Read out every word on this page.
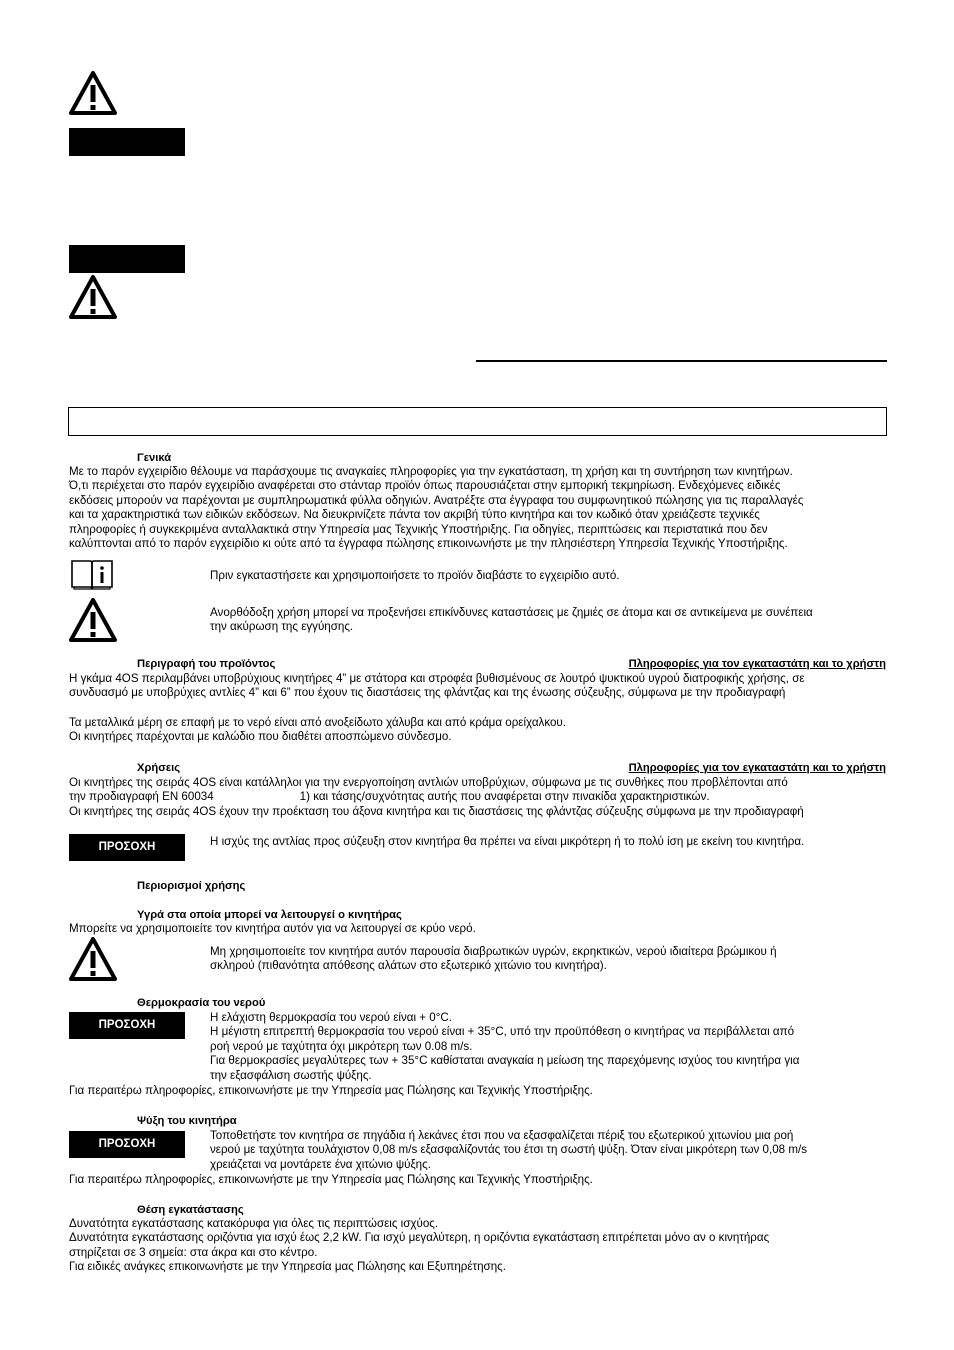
Γενικά
Με το παρόν εγχειρίδιο θέλουμε να παράσχουμε τις αναγκαίες πληροφορίες για την εγκατάσταση, τη χρήση και τη συντήρηση των κινητήρων.
Ό,τι περιέχεται στο παρόν εγχειρίδιο αναφέρεται στο στάνταρ προϊόν όπως παρουσιάζεται στην εμπορική τεκμηρίωση. Ενδεχόμενες ειδικές
εκδόσεις μπορούν να παρέχονται με συμπληρωματικά φύλλα οδηγιών. Ανατρέξτε στα έγγραφα του συμφωνητικού πώλησης για τις παραλλαγές
και τα χαρακτηριστικά των ειδικών εκδόσεων. Να διευκρινίζετε πάντα τον ακριβή τύπο κινητήρα και τον κωδικό όταν χρειάζεστε τεχνικές
πληροφορίες ή συγκεκριμένα ανταλλακτικά στην Υπηρεσία μας Τεχνικής Υποστήριξης. Για οδηγίες, περιπτώσεις και περιστατικά που δεν
καλύπτονται από το παρόν εγχειρίδιο κι ούτε από τα έγγραφα πώλησης επικοινωνήστε με την πλησιέστερη Υπηρεσία Τεχνικής Υποστήριξης.
Πριν εγκαταστήσετε και χρησιμοποιήσετε το προϊόν διαβάστε το εγχειρίδιο αυτό.
Ανορθόδοξη χρήση μπορεί να προξενήσει επικίνδυνες καταστάσεις με ζημιές σε άτομα και σε αντικείμενα με συνέπεια
την ακύρωση της εγγύησης.
Περιγραφή του προϊόντος	Πληροφορίες για τον εγκαταστάτη και το χρήστη
Η γκάμα 4OS περιλαμβάνει υποβρύχιους κινητήρες 4” με στάτορα και στροφέα βυθισμένους σε λουτρό ψυκτικού υγρού διατροφικής χρήσης, σε
συνδυασμό με υποβρύχιες αντλίες 4” και 6” που έχουν τις διαστάσεις της φλάντζας και της ένωσης σύζευξης, σύμφωνα με την προδιαγραφή
Τα μεταλλικά μέρη σε επαφή με το νερό είναι από ανοξείδωτο χάλυβα και από κράμα ορείχαλκου.
Οι κινητήρες παρέχονται με καλώδιο που διαθέτει αποσπώμενο σύνδεσμο.
Χρήσεις	Πληροφορίες για τον εγκαταστάτη και το χρήστη
Οι κινητήρες της σειράς 4OS είναι κατάλληλοι για την ενεργοποίηση αντλιών υποβρύχιων, σύμφωνα με τις συνθήκες που προβλέπονται από
την προδιαγραφή EN 60034	1) και τάσης/συχνότητας αυτής που αναφέρεται στην πινακίδα χαρακτηριστικών.
Οι κινητήρες της σειράς 4OS έχουν την προέκταση του άξονα κινητήρα και τις διαστάσεις της φλάντζας σύζευξης σύμφωνα με την προδιαγραφή
ΠΡΟΣΟΧΗ	Η ισχύς της αντλίας προς σύζευξη στον κινητήρα θα πρέπει να είναι μικρότερη ή το πολύ ίση με εκείνη του κινητήρα.
Περιορισμοί χρήσης
Υγρά στα οποία μπορεί να λειτουργεί ο κινητήρας
Μπορείτε να χρησιμοποιείτε τον κινητήρα αυτόν για να λειτουργεί σε κρύο νερό.
Μη χρησιμοποιείτε τον κινητήρα αυτόν παρουσία διαβρωτικών υγρών, εκρηκτικών, νερού ιδιαίτερα βρώμικου ή
σκληρού (πιθανότητα απόθεσης αλάτων στο εξωτερικό χιτώνιο του κινητήρα).
Θερμοκρασία του νερού
ΠΡΟΣΟΧΗ
Η ελάχιστη θερμοκρασία του νερού είναι + 0°C.
Η μέγιστη επιτρεπτή θερμοκρασία του νερού είναι + 35°C, υπό την προϋπόθεση ο κινητήρας να περιβάλλεται από
ροή νερού με ταχύτητα όχι μικρότερη των 0.08 m/s.
Για θερμοκρασίες μεγαλύτερες των + 35°C καθίσταται αναγκαία η μείωση της παρεχόμενης ισχύος του κινητήρα για
την εξασφάλιση σωστής ψύξης.
Για περαιτέρω πληροφορίες, επικοινωνήστε με την Υπηρεσία μας Πώλησης και Τεχνικής Υποστήριξης.
Ψύξη του κινητήρα
ΠΡΟΣΟΧΗ
Τοποθετήστε τον κινητήρα σε πηγάδια ή λεκάνες έτσι που να εξασφαλίζεται πέριξ του εξωτερικού χιτωνίου μια ροή
νερού με ταχύτητα τουλάχιστον 0,08 m/s εξασφαλίζοντάς του έτσι τη σωστή ψύξη. Όταν είναι μικρότερη των 0,08 m/s
χρειάζεται να μοντάρετε ένα χιτώνιο ψύξης.
Για περαιτέρω πληροφορίες, επικοινωνήστε με την Υπηρεσία μας Πώλησης και Τεχνικής Υποστήριξης.
Θέση εγκατάστασης
Δυνατότητα εγκατάστασης κατακόρυφα για όλες τις περιπτώσεις ισχύος.
Δυνατότητα εγκατάστασης οριζόντια για ισχύ έως 2,2 kW. Για ισχύ μεγαλύτερη, η οριζόντια εγκατάσταση επιτρέπεται μόνο αν ο κινητήρας
στηρίζεται σε 3 σημεία: στα άκρα και στο κέντρο.
Για ειδικές ανάγκες επικοινωνήστε με την Υπηρεσία μας Πώλησης και Εξυπηρέτησης.
